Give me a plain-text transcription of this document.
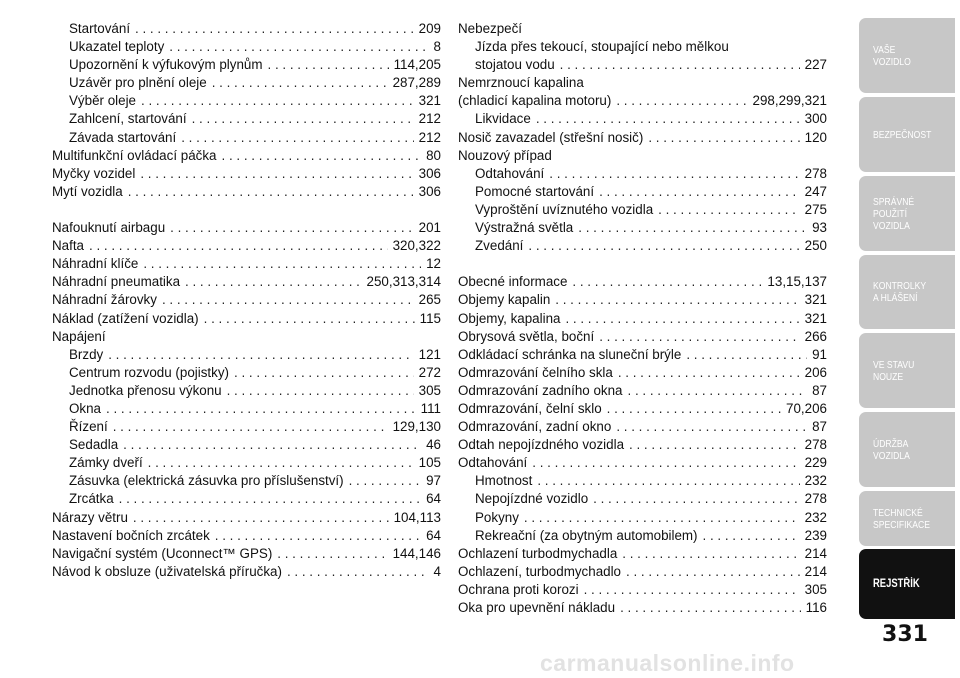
Startování . . .	209
Ukazatel teploty . . .	8
Upozornění k výfukovým plynům . . .	114,205
Uzávěr pro plnění oleje . . .	287,289
Výběr oleje . . .	321
Zahlcení, startování . . .	212
Závada startování . . .	212
Multifunkční ovládací páčka . . .	80
Myčky vozidel . . .	306
Mytí vozidla . . .	306
Nafouknutí airbagu . . .	201
Nafta . . .	320,322
Náhradní klíče . . .	12
Náhradní pneumatika . . .	250,313,314
Náhradní žárovky . . .	265
Náklad (zatížení vozidla) . . .	115
Napájení
Brzdy . . .	121
Centrum rozvodu (pojistky) . . .	272
Jednotka přenosu výkonu . . .	305
Okna . . .	111
Řízení . . .	129,130
Sedadla . . .	46
Zámky dveří . . .	105
Zásuvka (elektrická zásuvka pro příslušenství) . . .	97
Zrcátka . . .	64
Nárazy větru . . .	104,113
Nastavení bočních zrcátek . . .	64
Navigační systém (Uconnect™ GPS) . . .	144,146
Návod k obsluze (uživatelská příručka) . . .	4
Nebezpečí
Jízda přes tekoucí, stoupající nebo mělkou
stojatou vodu . . .	227
Nemrznoucí kapalina
(chladicí kapalina motoru) . . .	298,299,321
Likvidace . . .	300
Nosič zavazadel (střešní nosič) . . .	120
Nouzový případ
Odtahování . . .	278
Pomocné startování . . .	247
Vyproštění uvíznutého vozidla . . .	275
Výstražná světla . . .	93
Zvedání . . .	250
Obecné informace . . .	13,15,137
Objemy kapalin . . .	321
Objemy, kapalina . . .	321
Obrysová světla, boční . . .	266
Odkládací schránka na sluneční brýle . . .	91
Odmrazování čelního skla . . .	206
Odmrazování zadního okna . . .	87
Odmrazování, čelní sklo . . .	70,206
Odmrazování, zadní okno . . .	87
Odtah nepojízdného vozidla . . .	278
Odtahování . . .	229
Hmotnost . . .	232
Nepojízdné vozidlo . . .	278
Pokyny . . .	232
Rekreační (za obytným automobilem) . . .	239
Ochlazení turbodmychadla . . .	214
Ochlazení, turbodmychadlo . . .	214
Ochrana proti korozi . . .	305
Oka pro upevnění nákladu . . .	116
VAŠE
VOZIDLO
BEZPEČNOST
SPRÁVNÉ
POUŽITÍ
VOZIDLA
KONTROLKY
A HLÁŠENÍ
VE STAVU
NOUZE
ÚDRŽBA
VOZIDLA
TECHNICKÉ
SPECIFIKACE
REJSTŘÍK
331
carmanualsonline.info
